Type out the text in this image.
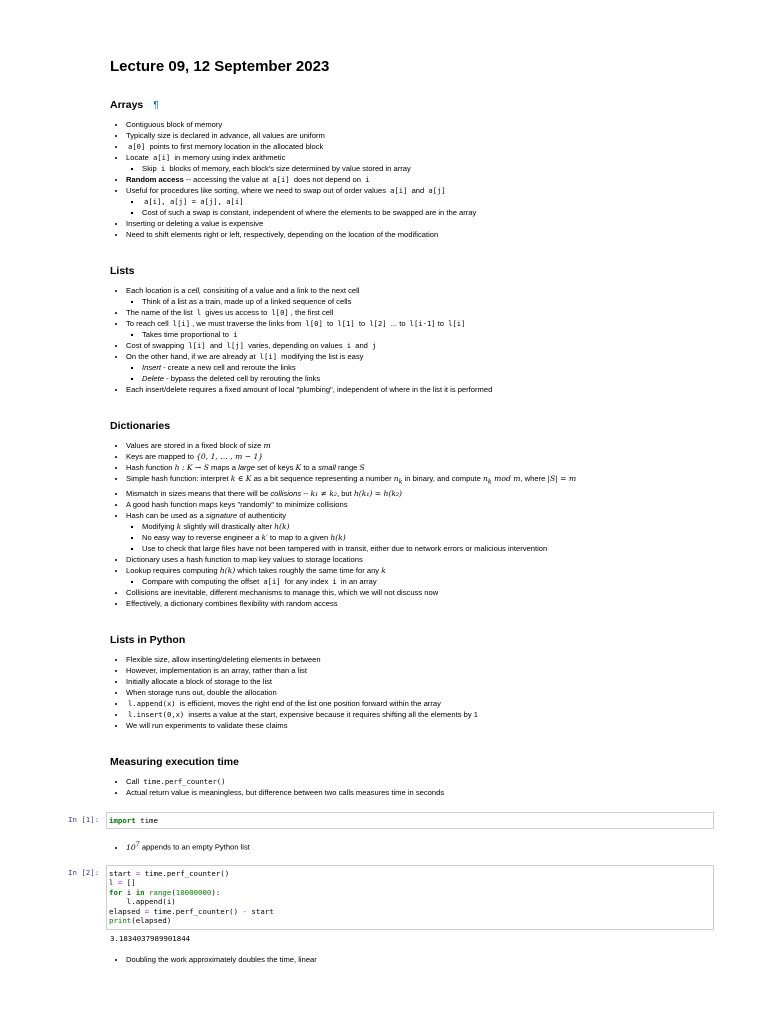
Lecture 09, 12 September 2023
Arrays ¶
• Contiguous block of memory
• Typically size is declared in advance, all values are uniform
• a[0] points to first memory location in the allocated block
• Locate a[i] in memory using index arithmetic
▪ Skip i blocks of memory, each block's size determined by value stored in array
• Random access -- accessing the value at a[i] does not depend on i
• Useful for procedures like sorting, where we need to swap out of order values a[i] and a[j]
▪ a[i], a[j] = a[j], a[i]
▪ Cost of such a swap is constant, independent of where the elements to be swapped are in the array
• Inserting or deleting a value is expensive
• Need to shift elements right or left, respectively, depending on the location of the modification
Lists
• Each location is a cell, consisiting of a value and a link to the next cell
▪ Think of a list as a train, made up of a linked sequence of cells
• The name of the list l gives us access to l[0] , the first cell
• To reach cell l[i] , we must traverse the links from l[0] to l[1] to l[2] ... to l[i-1] to l[i]
▪ Takes time proportional to i
• Cost of swapping l[i] and l[j] varies, depending on values i and j
• On the other hand, if we are already at l[i] modifying the list is easy
▪ Insert - create a new cell and reroute the links
▪ Delete - bypass the deleted cell by rerouting the links
• Each insert/delete requires a fixed amount of local "plumbing", independent of where in the list it is performed
Dictionaries
• Values are stored in a fixed block of size m
• Keys are mapped to {0, 1, … , m − 1}
• Hash function h : K → S maps a large set of keys K to a small range S
• Simple hash function: interpret k ∈ K as a bit sequence representing a number $n_k$ in binary, and compute $n_k$ mod m, where |S| = m
• Mismatch in sizes means that there will be collisions -- k₁ ≠ k₂, but h(k₁) = h(k₂)
• A good hash function maps keys "randomly" to minimize collisions
• Hash can be used as a signature of authenticity
▪ Modifying k slightly will drastically alter h(k)
▪ No easy way to reverse engineer a k′ to map to a given h(k)
▪ Use to check that large files have not been tampered with in transit, either due to network errors or malicious intervention
• Dictionary uses a hash function to map key values to storage locations
• Lookup requires computing h(k) which takes roughly the same time for any k
▪ Compare with computing the offset a[i] for any index i in an array
• Collisions are inevitable, different mechanisms to manage this, which we will not discuss now
• Effectively, a dictionary combines flexibility with random access
Lists in Python
• Flexible size, allow inserting/deleting elements in between
• However, implementation is an array, rather than a list
• Initially allocate a block of storage to the list
• When storage runs out, double the allocation
• l.append(x) is efficient, moves the right end of the list one position forward within the array
• l.insert(0,x) inserts a value at the start, expensive because it requires shifting all the elements by 1
• We will run experiments to validate these claims
Measuring execution time
• Call time.perf_counter()
• Actual return value is meaningless, but difference between two calls measures time in seconds
In [1]:	import time

• $10^7$ appends to an empty Python list
In [2]:	start = time.perf_counter()
l = []
for i in range(10000000):
l.append(i)
elapsed = time.perf_counter() - start
print(elapsed)
3.1834037989901844
• Doubling the work approximately doubles the time, linear
